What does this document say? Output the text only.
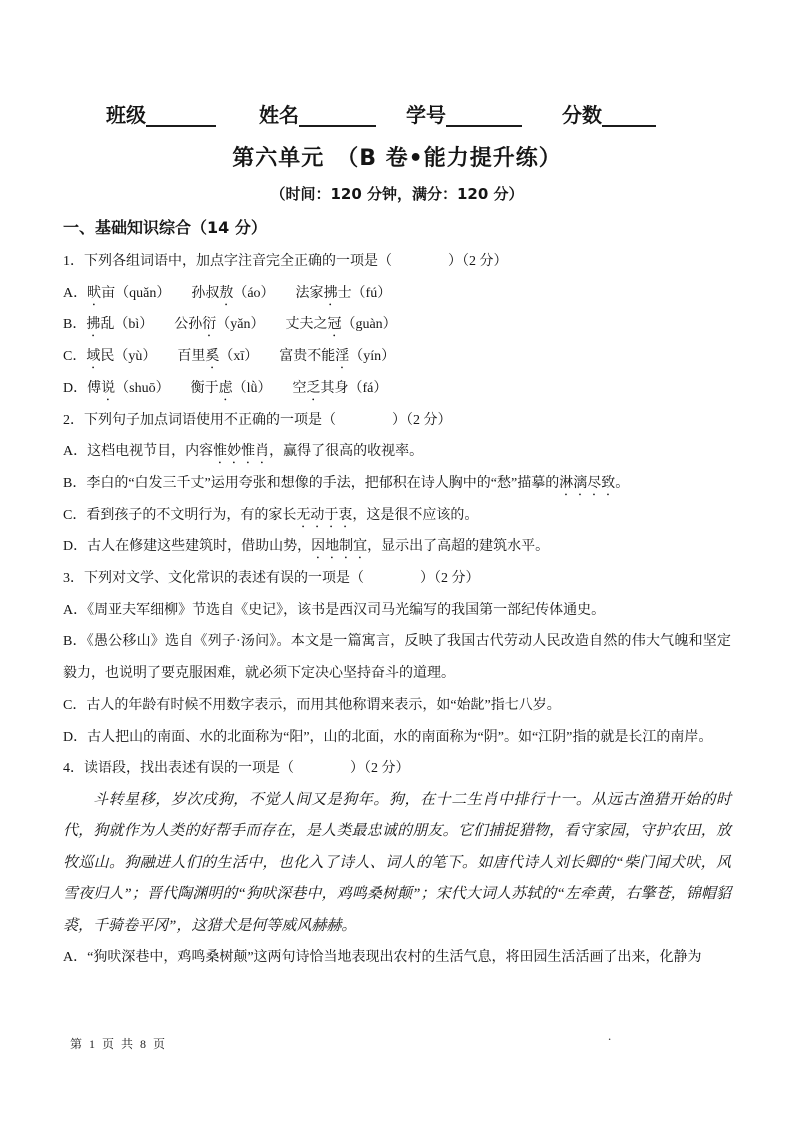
班级	姓名	学号	分数
第六单元　（B 卷•能力提升练）
（时间：120 分钟，满分：120 分）
一、基础知识综合（14 分）
1．下列各组词语中，加点字注音完全正确的一项是（　　　　）（2 分）
A．畎亩（quǎn）　　孙叔敖（áo）　　法家拂士（fú）
B．拂乱（bì）　　公孙衍（yǎn）　　丈夫之冠（guàn）
C．域民（yù）　　百里奚（xī）　　富贵不能淫（yín）
D．傅说（shuō）　　衡于虑（lǜ）　　空乏其身（fá）
2．下列句子加点词语使用不正确的一项是（　　　　）（2 分）
A．这档电视节目，内容惟妙惟肖，赢得了很高的收视率。
B．李白的“白发三千丈”运用夸张和想像的手法，把郁积在诗人胸中的“愁”描摹的淋漓尽致。
C．看到孩子的不文明行为，有的家长无动于衷，这是很不应该的。
D．古人在修建这些建筑时，借助山势，因地制宜，显示出了高超的建筑水平。
3．下列对文学、文化常识的表述有误的一项是（　　　　）（2 分）
A．《周亚夫军细柳》节选自《史记》，该书是西汉司马光编写的我国第一部纪传体通史。
B．《愚公移山》选自《列子·汤问》。本文是一篇寓言，反映了我国古代劳动人民改造自然的伟大气魄和坚定毅力，也说明了要克服困难，就必须下定决心坚持奋斗的道理。
C．古人的年龄有时候不用数字表示，而用其他称谓来表示，如“始龀”指七八岁。
D．古人把山的南面、水的北面称为“阳”，山的北面，水的南面称为“阴”。如“江阴”指的就是长江的南岸。
4．读语段，找出表述有误的一项是（　　　　）（2 分）
斗转星移，岁次戌狗，不觉人间又是狗年。狗，在十二生肖中排行十一。从远古渔猎开始的时代，狗就作为人类的好帮手而存在，是人类最忠诚的朋友。它们捕捉猎物，看守家园，守护农田，放牧巡山。狗融进人们的生活中，也化入了诗人、词人的笔下。如唐代诗人刘长卿的“柴门闻犬吠，风雪夜归人”；晋代陶渊明的“狗吠深巷中，鸡鸣桑树颠”；宋代大词人苏轼的“左牵黄，右擎苍，锦帽貂裘，千骑卷平冈”，这猎犬是何等威风赫赫。
A．“狗吠深巷中，鸡鸣桑树颠”这两句诗恰当地表现出农村的生活气息，将田园生活活画了出来，化静为
第 1 页 共 8 页
.
